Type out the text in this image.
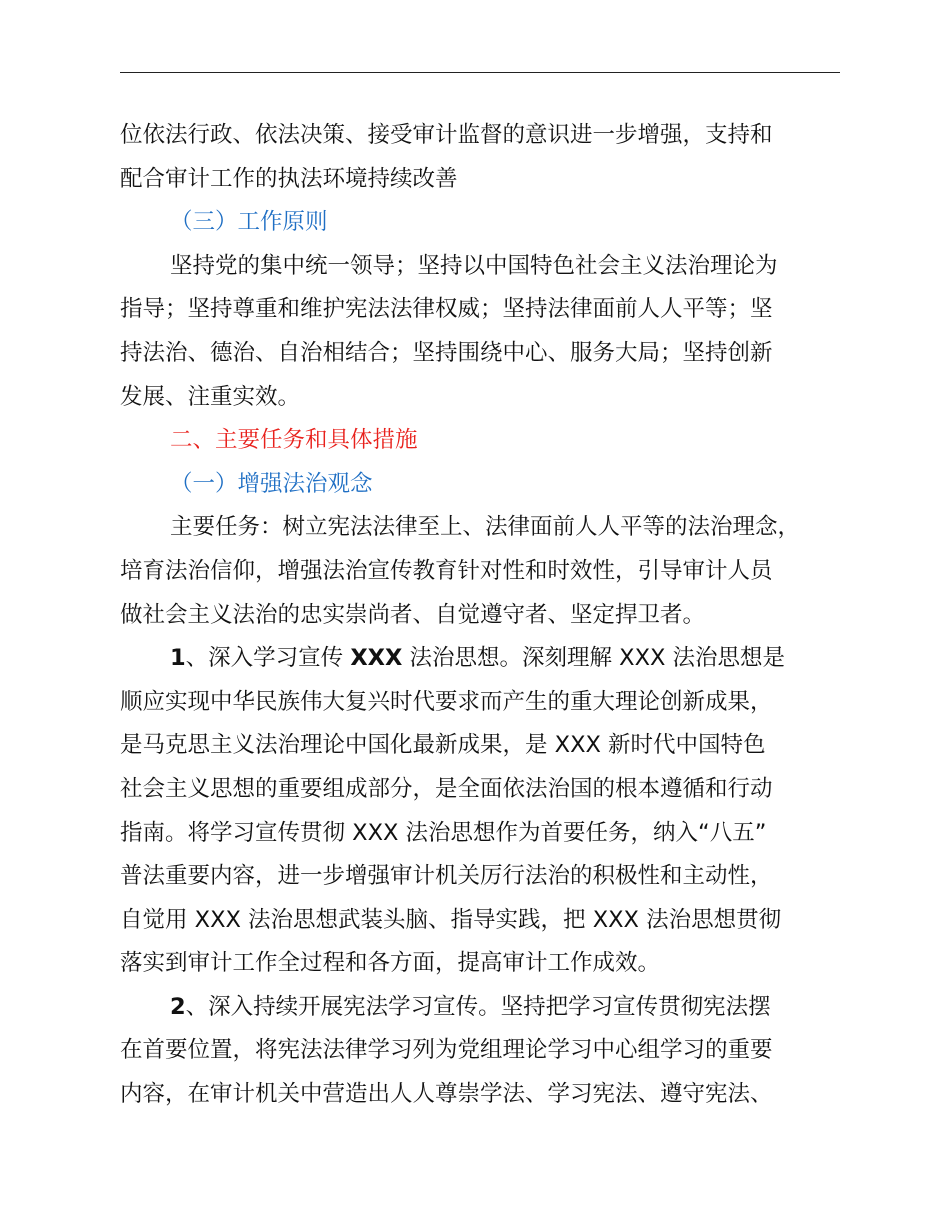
位依法行政、依法决策、接受审计监督的意识进一步增强，支持和
配合审计工作的执法环境持续改善
（三）工作原则
坚持党的集中统一领导；坚持以中国特色社会主义法治理论为
指导；坚持尊重和维护宪法法律权威；坚持法律面前人人平等；坚
持法治、德治、自治相结合；坚持围绕中心、服务大局；坚持创新
发展、注重实效。
二、主要任务和具体措施
（一）增强法治观念
主要任务：树立宪法法律至上、法律面前人人平等的法治理念，
培育法治信仰，增强法治宣传教育针对性和时效性，引导审计人员
做社会主义法治的忠实崇尚者、自觉遵守者、坚定捍卫者。
1、深入学习宣传 XXX 法治思想。深刻理解 XXX 法治思想是
顺应实现中华民族伟大复兴时代要求而产生的重大理论创新成果，
是马克思主义法治理论中国化最新成果，是 XXX 新时代中国特色
社会主义思想的重要组成部分，是全面依法治国的根本遵循和行动
指南。将学习宣传贯彻 XXX 法治思想作为首要任务，纳入“八五”
普法重要内容，进一步增强审计机关厉行法治的积极性和主动性，
自觉用 XXX 法治思想武装头脑、指导实践，把 XXX 法治思想贯彻
落实到审计工作全过程和各方面，提高审计工作成效。
2、深入持续开展宪法学习宣传。坚持把学习宣传贯彻宪法摆
在首要位置，将宪法法律学习列为党组理论学习中心组学习的重要
内容，在审计机关中营造出人人尊崇学法、学习宪法、遵守宪法、
